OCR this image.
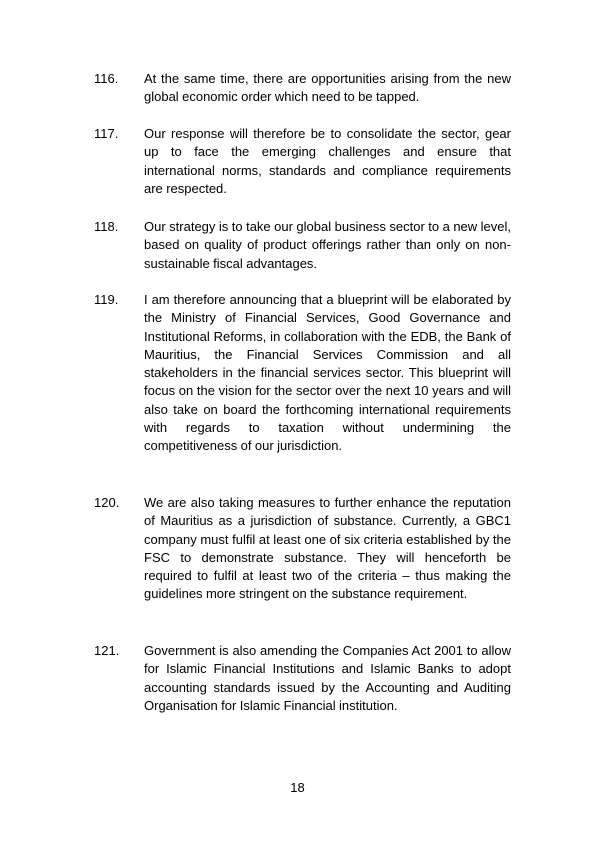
116. At the same time, there are opportunities arising from the new global economic order which need to be tapped.
117. Our response will therefore be to consolidate the sector, gear up to face the emerging challenges and ensure that international norms, standards and compliance requirements are respected.
118. Our strategy is to take our global business sector to a new level, based on quality of product offerings rather than only on non-sustainable fiscal advantages.
119. I am therefore announcing that a blueprint will be elaborated by the Ministry of Financial Services, Good Governance and Institutional Reforms, in collaboration with the EDB, the Bank of Mauritius, the Financial Services Commission and all stakeholders in the financial services sector. This blueprint will focus on the vision for the sector over the next 10 years and will also take on board the forthcoming international requirements with regards to taxation without undermining the competitiveness of our jurisdiction.
120. We are also taking measures to further enhance the reputation of Mauritius as a jurisdiction of substance. Currently, a GBC1 company must fulfil at least one of six criteria established by the FSC to demonstrate substance. They will henceforth be required to fulfil at least two of the criteria – thus making the guidelines more stringent on the substance requirement.
121. Government is also amending the Companies Act 2001 to allow for Islamic Financial Institutions and Islamic Banks to adopt accounting standards issued by the Accounting and Auditing Organisation for Islamic Financial institution.
18
